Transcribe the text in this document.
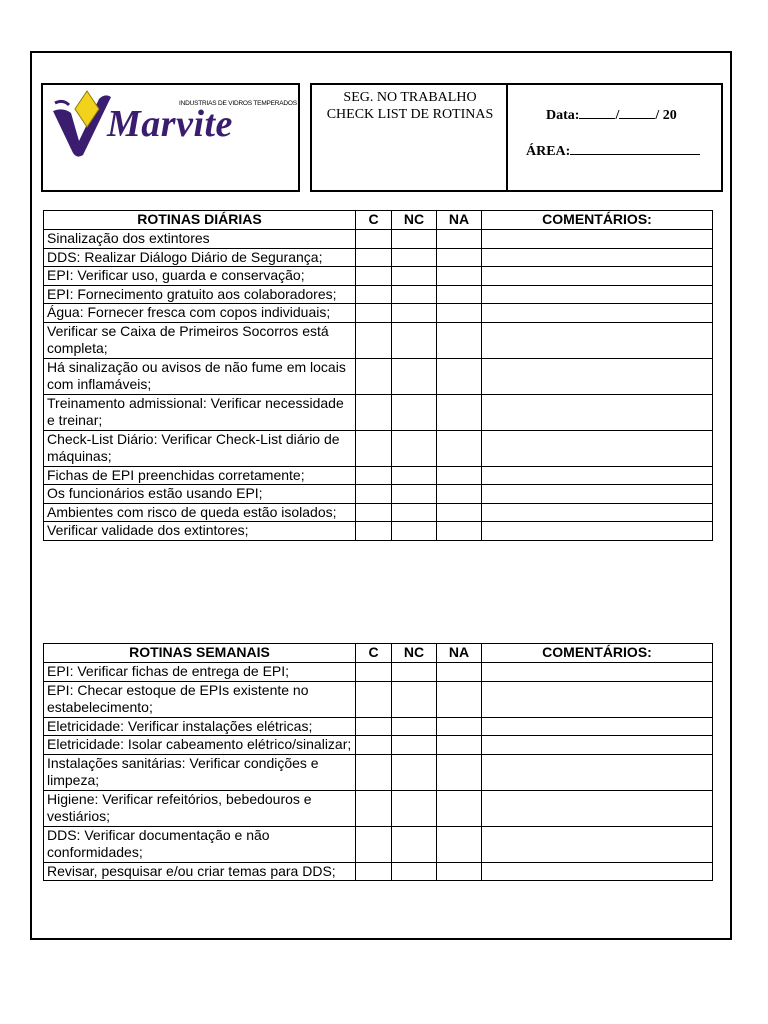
INDUSTRIAS DE VIDROS TEMPERADOS
Marvite
SEG. NO TRABALHO
CHECK LIST DE ROTINAS	Data:	/	/ 20
ÁREA:
ROTINAS DIÁRIAS	C	NC	NA	COMENTÁRIOS:
Sinalização dos extintores				
DDS: Realizar Diálogo Diário de Segurança;				
EPI: Verificar uso, guarda e conservação;				
EPI: Fornecimento gratuito aos colaboradores;				
Água: Fornecer fresca com copos individuais;				
Verificar se Caixa de Primeiros Socorros está completa;				
Há sinalização ou avisos de não fume em locais com inflamáveis;				
Treinamento admissional: Verificar necessidade e treinar;				
Check-List Diário: Verificar Check-List diário de máquinas;				
Fichas de EPI preenchidas corretamente;				
Os funcionários estão usando EPI;				
Ambientes com risco de queda estão isolados;				
Verificar validade dos extintores;				
ROTINAS SEMANAIS	C	NC	NA	COMENTÁRIOS:
EPI: Verificar fichas de entrega de EPI;				
EPI: Checar estoque de EPIs existente no estabelecimento;				
Eletricidade: Verificar instalações elétricas;				
Eletricidade: Isolar cabeamento elétrico/sinalizar;				
Instalações sanitárias: Verificar condições e limpeza;				
Higiene: Verificar refeitórios, bebedouros e vestiários;				
DDS: Verificar documentação e não conformidades;				
Revisar, pesquisar e/ou criar temas para DDS;				
